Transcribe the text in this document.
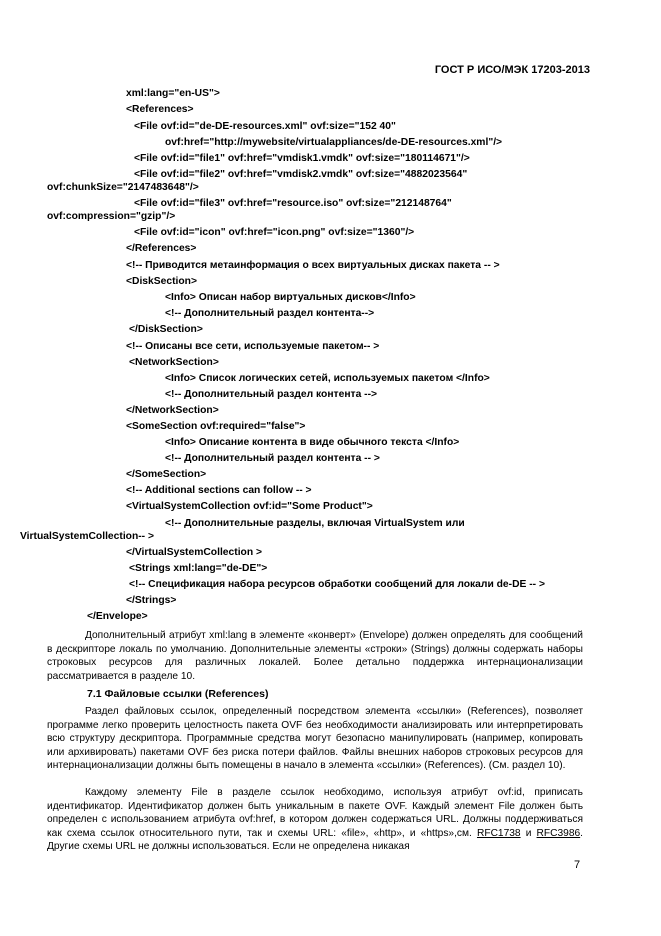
ГОСТ Р ИСО/МЭК 17203-2013
xml:lang="en-US">
<References>
<File ovf:id="de-DE-resources.xml" ovf:size="152 40"
ovf:href="http://mywebsite/virtualappliances/de-DE-resources.xml"/>
<File ovf:id="file1" ovf:href="vmdisk1.vmdk" ovf:size="180114671"/>
<File ovf:id="file2" ovf:href="vmdisk2.vmdk" ovf:size="4882023564"
ovf:chunkSize="2147483648"/>
<File ovf:id="file3" ovf:href="resource.iso" ovf:size="212148764"
ovf:compression="gzip"/>
<File ovf:id="icon" ovf:href="icon.png" ovf:size="1360"/>
</References>
<!-- Приводится метаинформация о всех виртуальных дисках пакета -- >
<DiskSection>
<Info> Описан набор виртуальных дисков</Info>
<!-- Дополнительный раздел контента-->
</DiskSection>
<!-- Описаны все сети, используемые пакетом-- >
<NetworkSection>
<Info> Список логических сетей, используемых пакетом </Info>
<!-- Дополнительный раздел контента -->
</NetworkSection>
<SomeSection ovf:required="false">
<Info> Описание контента в виде обычного текста </Info>
<!-- Дополнительный раздел контента -- >
</SomeSection>
<!-- Additional sections can follow -- >
<VirtualSystemCollection ovf:id="Some Product">
<!-- Дополнительные разделы, включая VirtualSystem или
VirtualSystemCollection-- >
</VirtualSystemCollection >
<Strings xml:lang="de-DE">
<!-- Спецификация набора ресурсов обработки сообщений для локали de-DE -- >
</Strings>
</Envelope>

Дополнительный атрибут xml:lang в элементе «конверт» (Envelope) должен определять для сообщений в дескрипторе локаль по умолчанию. Дополнительные элементы «строки» (Strings) должны содержать наборы строковых ресурсов для различных локалей. Более детально поддержка интернационализации рассматривается в разделе 10.

7.1 Файловые ссылки (References)

Раздел файловых ссылок, определенный посредством элемента «ссылки» (References), позволяет программе легко проверить целостность пакета OVF без необходимости анализировать или интерпретировать всю структуру дескриптора. Программные средства могут безопасно манипулировать (например, копировать или архивировать) пакетами OVF без риска потери файлов. Файлы внешних наборов строковых ресурсов для интернационализации должны быть помещены в начало в элемента «ссылки» (References). (См. раздел 10).

Каждому элементу File в разделе ссылок необходимо, используя атрибут ovf:id, приписать идентификатор. Идентификатор должен быть уникальным в пакете OVF. Каждый элемент File должен быть определен с использованием атрибута ovf:href, в котором должен содержаться URL. Должны поддерживаться как схема ссылок относительного пути, так и схемы URL: «file», «http», и «https»,см. RFC1738 и RFC3986. Другие схемы URL не должны использоваться. Если не определена никакая

7
